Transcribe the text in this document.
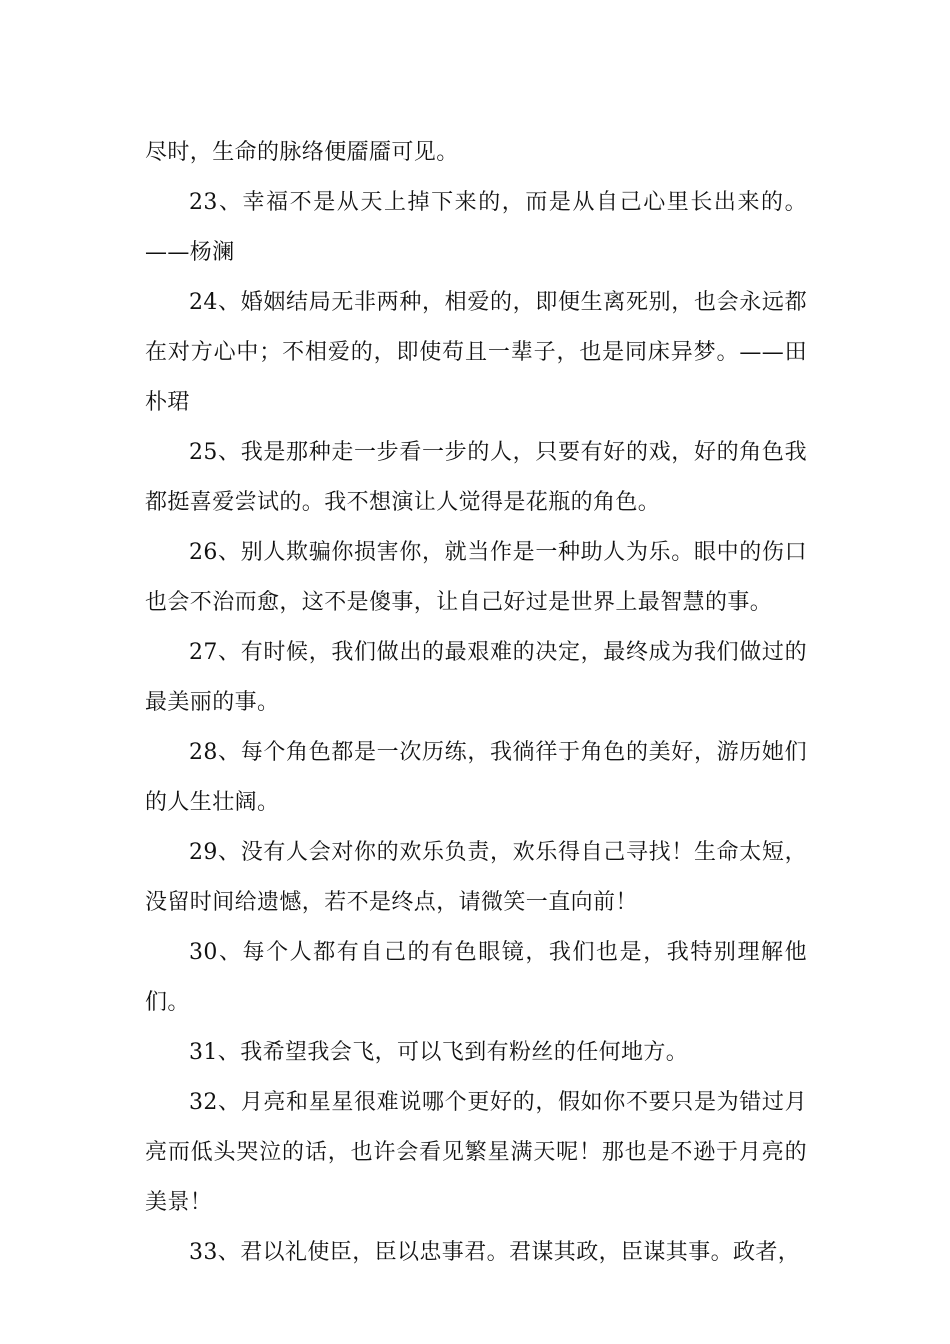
尽时，生命的脉络便靥靥可见。

23、幸福不是从天上掉下来的，而是从自己心里长出来的。——杨澜

24、婚姻结局无非两种，相爱的，即便生离死别，也会永远都在对方心中；不相爱的，即使苟且一辈子，也是同床异梦。——田朴珺

25、我是那种走一步看一步的人，只要有好的戏，好的角色我都挺喜爱尝试的。我不想演让人觉得是花瓶的角色。

26、别人欺骗你损害你，就当作是一种助人为乐。眼中的伤口也会不治而愈，这不是傻事，让自己好过是世界上最智慧的事。

27、有时候，我们做出的最艰难的决定，最终成为我们做过的最美丽的事。

28、每个角色都是一次历练，我徜徉于角色的美好，游历她们的人生壮阔。

29、没有人会对你的欢乐负责，欢乐得自己寻找！生命太短，没留时间给遗憾，若不是终点，请微笑一直向前！

30、每个人都有自己的有色眼镜，我们也是，我特别理解他们。

31、我希望我会飞，可以飞到有粉丝的任何地方。

32、月亮和星星很难说哪个更好的，假如你不要只是为错过月亮而低头哭泣的话，也许会看见繁星满天呢！那也是不逊于月亮的美景！

33、君以礼使臣，臣以忠事君。君谋其政，臣谋其事。政者，
